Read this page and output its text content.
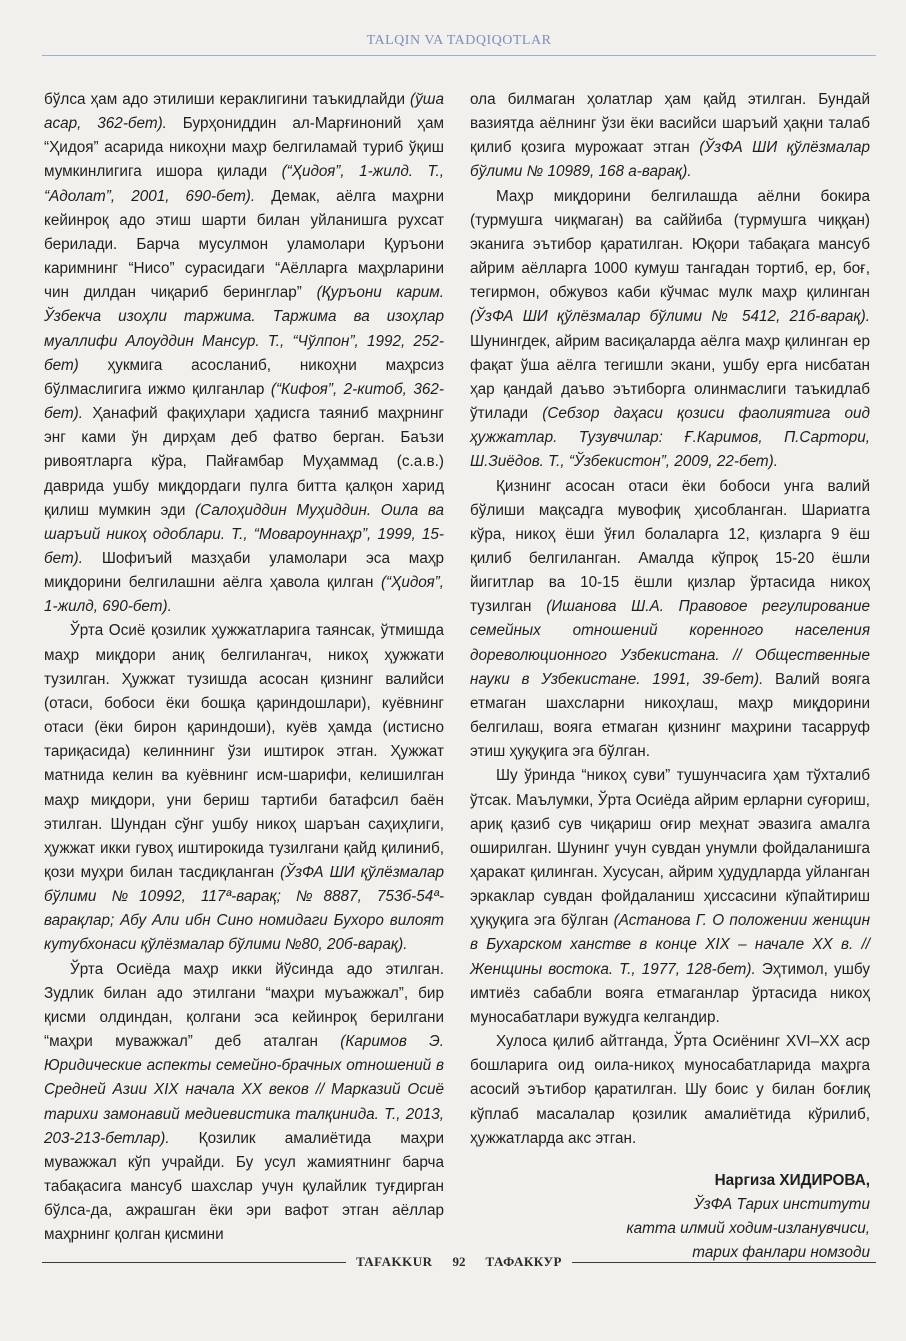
TALQIN VA TADQIQOTLAR

бўлса ҳам адо этилиши кераклигини таъкидлайди (ўша асар, 362-бет). Бурҳониддин ал-Марғиноний ҳам “Ҳидоя” асарида никоҳни маҳр белгиламай туриб ўқиш мумкинлигига ишора қилади (“Ҳидоя”, 1-жилд. Т., “Адолат”, 2001, 690-бет). Демак, аёлга маҳрни кейинроқ адо этиш шарти билан уйланишга рухсат берилади. Барча мусулмон уламолари Қуръони каримнинг “Нисо” сурасидаги “Аёлларга маҳрларини чин дилдан чиқариб беринглар” (Қуръони карим. Ўзбекча изоҳли таржима. Таржима ва изоҳлар муаллифи Алоуддин Мансур. Т., “Чўлпон”, 1992, 252-бет) ҳукмига асосланиб, никоҳни маҳрсиз бўлмаслигига ижмо қилганлар (“Кифоя”, 2-китоб, 362-бет). Ҳанафий фақиҳлари ҳадисга таяниб маҳрнинг энг ками ўн дирҳам деб фатво берган. Баъзи ривоятларга кўра, Пайғамбар Муҳаммад (с.а.в.) даврида ушбу миқдордаги пулга битта қалқон харид қилиш мумкин эди (Салоҳиддин Муҳиддин. Оила ва шаръий никоҳ одоблари. Т., “Мовароуннаҳр”, 1999, 15-бет). Шофиъий мазҳаби уламолари эса маҳр миқдорини белгилашни аёлга ҳавола қилган (“Ҳидоя”, 1-жилд, 690-бет).

Ўрта Осиё қозилик ҳужжатларига таянсак, ўтмишда маҳр миқдори аниқ белгилангач, никоҳ ҳужжати тузилган. Ҳужжат тузишда асосан қизнинг валийси (отаси, бобоси ёки бошқа қариндошлари), куёвнинг отаси (ёки бирон қариндоши), куёв ҳамда (истисно тариқасида) келиннинг ўзи иштирок этган. Ҳужжат матнида келин ва куёвнинг исм-шарифи, келишилган маҳр миқдори, уни бериш тартиби батафсил баён этилган. Шундан сўнг ушбу никоҳ шаръан саҳиҳлиги, ҳужжат икки гувоҳ иштирокида тузилгани қайд қилиниб, қози муҳри билан тасдиқланган (ЎзФА ШИ қўлёзмалар бўлими №10992, 117ª-варақ; №8887, 753б-54ª-варақлар; Абу Али ибн Сино номидаги Бухоро вилоят кутубхонаси қўлёзмалар бўлими №80, 20б-варақ).

Ўрта Осиёда маҳр икки йўсинда адо этилган. Зудлик билан адо этилгани “маҳри муъажжал”, бир қисми олдиндан, қолгани эса кейинроқ берилгани “маҳри муважжал” деб аталган (Каримов Э. Юридические аспекты семейно-брачных отношений в Средней Азии XIX начала XX веков // Марказий Осиё тарихи замонавий медиевистика талқинида. Т., 2013, 203-213-бетлар). Қозилик амалиётида маҳри муважжал кўп учрайди. Бу усул жамиятнинг барча табақасига мансуб шахслар учун қулайлик туғдирган бўлса-да, ажрашган ёки эри вафот этган аёллар маҳрнинг қолган қисмини

ола билмаган ҳолатлар ҳам қайд этилган. Бундай вазиятда аёлнинг ўзи ёки васийси шаръий ҳақни талаб қилиб қозига мурожаат этган (ЎзФА ШИ қўлёзмалар бўлими № 10989, 168 а-варақ).

Маҳр миқдорини белгилашда аёлни бокира (турмушга чиқмаган) ва саййиба (турмушга чиққан) эканига эътибор қаратилган. Юқори табақага мансуб айрим аёлларга 1000 кумуш тангадан тортиб, ер, боғ, тегирмон, обжувоз каби кўчмас мулк маҳр қилинган (ЎзФА ШИ қўлёзмалар бўлими № 5412, 21б-варақ). Шунингдек, айрим васиқаларда аёлга маҳр қилинган ер фақат ўша аёлга тегишли экани, ушбу ерга нисбатан ҳар қандай даъво эътиборга олинмаслиги таъкидлаб ўтилади (Себзор даҳаси қозиси фаолиятига оид ҳужжатлар. Тузувчилар: Ғ.Каримов, П.Сартори, Ш.Зиёдов. Т., “Ўзбекистон”, 2009, 22-бет).

Қизнинг асосан отаси ёки бобоси унга валий бўлиши мақсадга мувофиқ ҳисобланган. Шариатга кўра, никоҳ ёши ўғил болаларга 12, қизларга 9 ёш қилиб белгиланган. Амалда кўпроқ 15-20 ёшли йигитлар ва 10-15 ёшли қизлар ўртасида никоҳ тузилган (Ишанова Ш.А. Правовое регулирование семейных отношений коренного населения дореволюционного Узбекистана. // Общественные науки в Узбекистане. 1991, 39-бет). Валий вояга етмаган шахсларни никоҳлаш, маҳр миқдорини белгилаш, вояга етмаган қизнинг маҳрини тасарруф этиш ҳуқуқига эга бўлган.

Шу ўринда “никоҳ суви” тушунчасига ҳам тўхталиб ўтсак. Маълумки, Ўрта Осиёда айрим ерларни суғориш, ариқ қазиб сув чиқариш оғир меҳнат эвазига амалга оширилган. Шунинг учун сувдан унумли фойдаланишга ҳаракат қилинган. Хусусан, айрим ҳудудларда уйланган эркаклар сувдан фойдаланиш ҳиссасини кўпайтириш ҳуқуқига эга бўлган (Астанова Г. О положении женщин в Бухарском ханстве в конце XIX – начале XX в. // Женщины востока. Т., 1977, 128-бет). Эҳтимол, ушбу имтиёз сабабли вояга етмаганлар ўртасида никоҳ муносабатлари вужудга келгандир.

Хулоса қилиб айтганда, Ўрта Осиёнинг XVI–XX аср бошларига оид оила-никоҳ муносабатларида маҳрга асосий эътибор қаратилган. Шу боис у билан боғлиқ кўплаб масалалар қозилик амалиётида кўрилиб, ҳужжатларда акс этган.

Наргиза ХИДИРОВА,
ЎзФА Тарих институти
катта илмий ходим-изланувчиси,
тарих фанлари номзоди
TAFAKKUR	92	ТАФАККУР
